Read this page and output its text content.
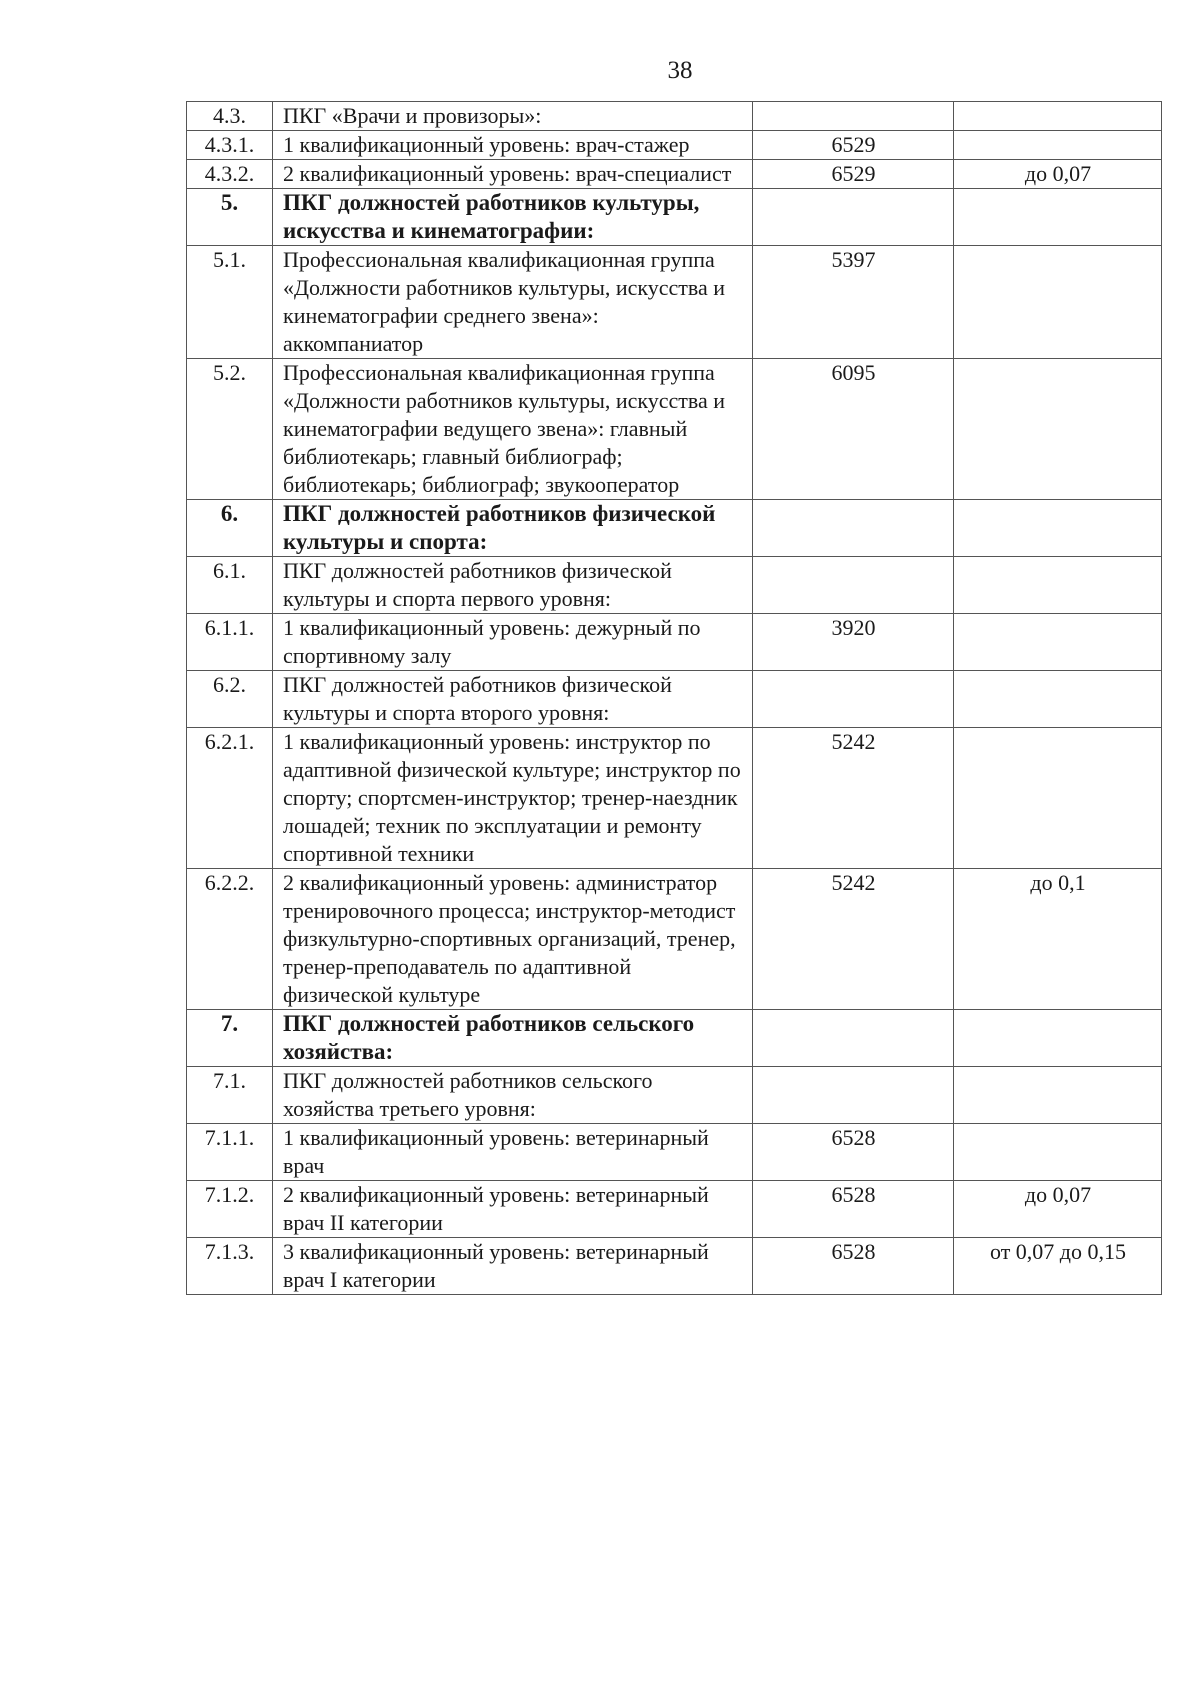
38
4.3.	ПКГ «Врачи и провизоры»:		
4.3.1.	1 квалификационный уровень: врач-стажер	6529	
4.3.2.	2 квалификационный уровень: врач-специалист	6529	до 0,07
5.	ПКГ должностей работников культуры, искусства и кинематографии:		
5.1.	Профессиональная квалификационная группа «Должности работников культуры, искусства и кинематографии среднего звена»: аккомпаниатор	5397	
5.2.	Профессиональная квалификационная группа «Должности работников культуры, искусства и кинематографии ведущего звена»: главный библиотекарь; главный библиограф; библиотекарь; библиограф; звукооператор	6095	
6.	ПКГ должностей работников физической культуры и спорта:		
6.1.	ПКГ должностей работников физической культуры и спорта первого уровня:		
6.1.1.	1 квалификационный уровень: дежурный по спортивному залу	3920	
6.2.	ПКГ должностей работников физической культуры и спорта второго уровня:		
6.2.1.	1 квалификационный уровень: инструктор по адаптивной физической культуре; инструктор по спорту; спортсмен-инструктор; тренер-наездник лошадей; техник по эксплуатации и ремонту спортивной техники	5242	
6.2.2.	2 квалификационный уровень: администратор тренировочного процесса; инструктор-методист физкультурно-спортивных организаций, тренер, тренер-преподаватель по адаптивной физической культуре	5242	до 0,1
7.	ПКГ должностей работников сельского хозяйства:		
7.1.	ПКГ должностей работников сельского хозяйства третьего уровня:		
7.1.1.	1 квалификационный уровень: ветеринарный врач	6528	
7.1.2.	2 квалификационный уровень: ветеринарный врач II категории	6528	до 0,07
7.1.3.	3 квалификационный уровень: ветеринарный врач I категории	6528	от 0,07 до 0,15
